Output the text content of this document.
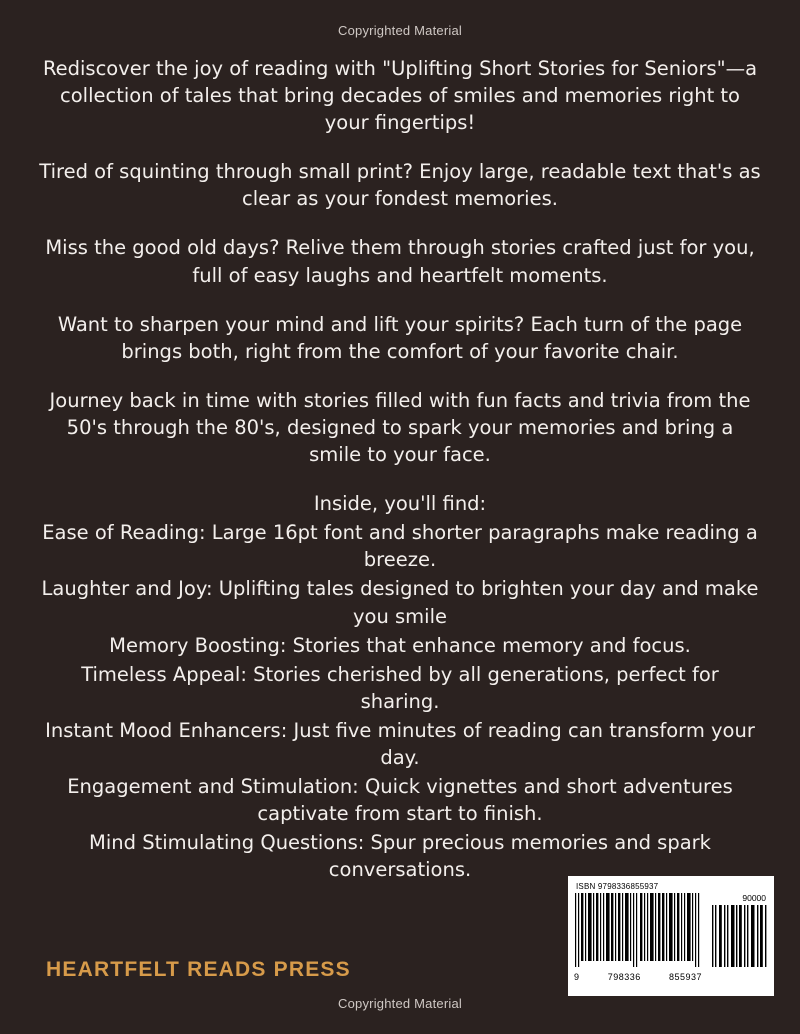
Copyrighted Material

Rediscover the joy of reading with "Uplifting Short Stories for Seniors"—a collection of tales that bring decades of smiles and memories right to your fingertips!

Tired of squinting through small print? Enjoy large, readable text that's as clear as your fondest memories.

Miss the good old days? Relive them through stories crafted just for you, full of easy laughs and heartfelt moments.

Want to sharpen your mind and lift your spirits? Each turn of the page brings both, right from the comfort of your favorite chair.

Journey back in time with stories filled with fun facts and trivia from the 50's through the 80's, designed to spark your memories and bring a smile to your face.

Inside, you'll find:

Ease of Reading: Large 16pt font and shorter paragraphs make reading a breeze.

Laughter and Joy: Uplifting tales designed to brighten your day and make you smile

Memory Boosting: Stories that enhance memory and focus.

Timeless Appeal: Stories cherished by all generations, perfect for sharing.

Instant Mood Enhancers: Just five minutes of reading can transform your day.

Engagement and Stimulation: Quick vignettes and short adventures captivate from start to finish.

Mind Stimulating Questions: Spur precious memories and spark conversations.

HEARTFELT READS PRESS
ISBN 9798336855937
9	798336	855937
90000
Copyrighted Material
